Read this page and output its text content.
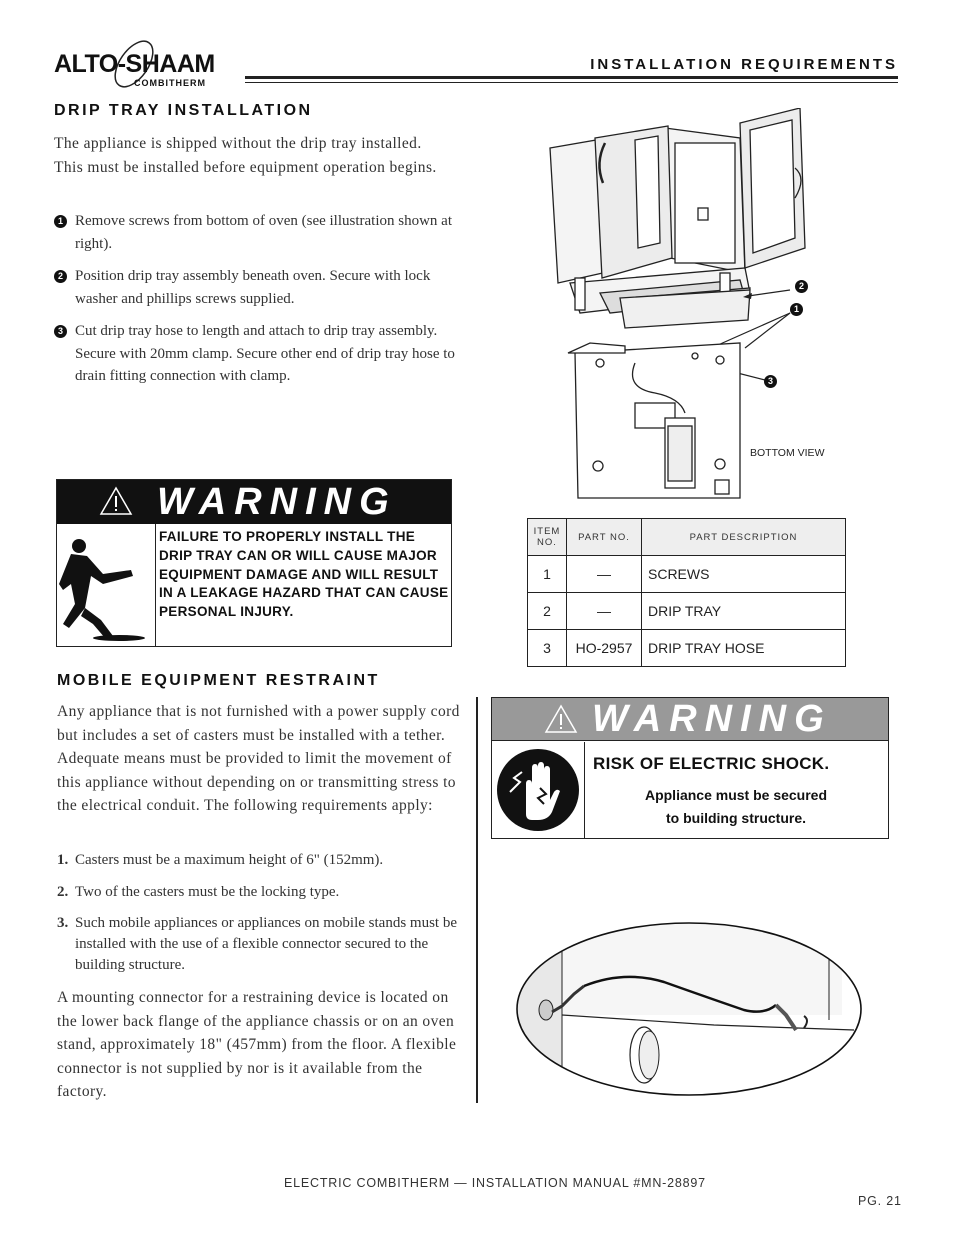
ALTO-SHAAM
COMBITHERM
INSTALLATION REQUIREMENTS
DRIP TRAY INSTALLATION
The appliance is shipped without the drip tray installed. This must be installed before equipment operation begins.
1 Remove screws from bottom of oven (see illustration shown at right).
2 Position drip tray assembly beneath oven. Secure with lock washer and phillips screws supplied.
3 Cut drip tray hose to length and attach to drip tray assembly. Secure with 20mm clamp. Secure other end of drip tray hose to drain fitting connection with clamp.
2
1
3
BOTTOM VIEW
WARNING
FAILURE TO PROPERLY INSTALL THE DRIP TRAY CAN OR WILL CAUSE MAJOR EQUIPMENT DAMAGE AND WILL RESULT IN A LEAKAGE HAZARD THAT CAN CAUSE PERSONAL INJURY.
ITEM NO.	PART NO.	PART DESCRIPTION
1	—	SCREWS
2	—	DRIP TRAY
3	HO-2957	DRIP TRAY HOSE
MOBILE EQUIPMENT RESTRAINT
Any appliance that is not furnished with a power supply cord but includes a set of casters must be installed with a tether. Adequate means must be provided to limit the movement of this appliance without depending on or transmitting stress to the electrical conduit. The following requirements apply:
1. Casters must be a maximum height of 6" (152mm).
2. Two of the casters must be the locking type.
3. Such mobile appliances or appliances on mobile stands must be installed with the use of a flexible connector secured to the building structure.
A mounting connector for a restraining device is located on the lower back flange of the appliance chassis or on an oven stand, approximately 18" (457mm) from the floor. A flexible connector is not supplied by nor is it available from the factory.
WARNING
RISK OF ELECTRIC SHOCK.
Appliance must be secured
to building structure.
ELECTRIC COMBITHERM — INSTALLATION MANUAL #MN-28897
PG. 21
